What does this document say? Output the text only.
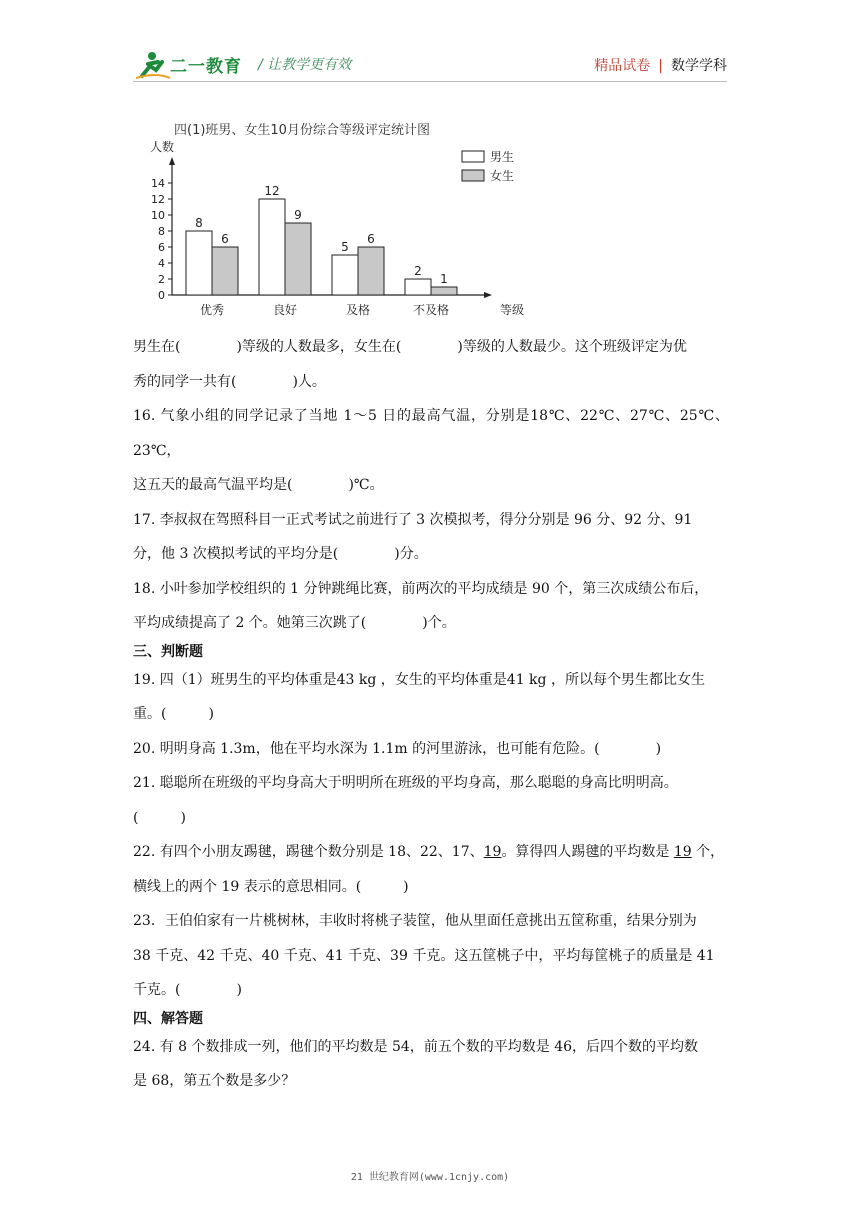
二一教育 / 让教学更有效	精品试卷 | 数学学科
四(1)班男、女生10月份综合等级评定统计图
人数
等级
0
2
4
6
8
10
12
14
8
6
优秀
12
9
良好
5
6
及格
2
1
不及格
男生
女生

男生在(　　　　)等级的人数最多，女生在(　　　　)等级的人数最少。这个班级评定为优

秀的同学一共有(　　　　)人。

16. 气象小组的同学记录了当地 1～5 日的最高气温，分别是18℃、22℃、27℃、25℃、23℃，

这五天的最高气温平均是(　　　　)℃。

17. 李叔叔在驾照科目一正式考试之前进行了 3 次模拟考，得分分别是 96 分、92 分、91

分，他 3 次模拟考试的平均分是(　　　　)分。

18. 小叶参加学校组织的 1 分钟跳绳比赛，前两次的平均成绩是 90 个，第三次成绩公布后，

平均成绩提高了 2 个。她第三次跳了(　　　　)个。

三、判断题

19. 四（1）班男生的平均体重是43 kg ，女生的平均体重是41 kg ，所以每个男生都比女生

重。(　　　)

20. 明明身高 1.3m，他在平均水深为 1.1m 的河里游泳，也可能有危险。(　　　　)

21. 聪聪所在班级的平均身高大于明明所在班级的平均身高，那么聪聪的身高比明明高。

(　　　)

22. 有四个小朋友踢毽，踢毽个数分别是 18、22、17、19。算得四人踢毽的平均数是 19 个，

横线上的两个 19 表示的意思相同。(　　　)

23．王伯伯家有一片桃树林，丰收时将桃子装筐，他从里面任意挑出五筐称重，结果分别为

38 千克、42 千克、40 千克、41 千克、39 千克。这五筐桃子中，平均每筐桃子的质量是 41

千克。(　　　　)

四、解答题

24. 有 8 个数排成一列，他们的平均数是 54，前五个数的平均数是 46，后四个数的平均数

是 68，第五个数是多少？

21 世纪教育网(www.1cnjy.com)
